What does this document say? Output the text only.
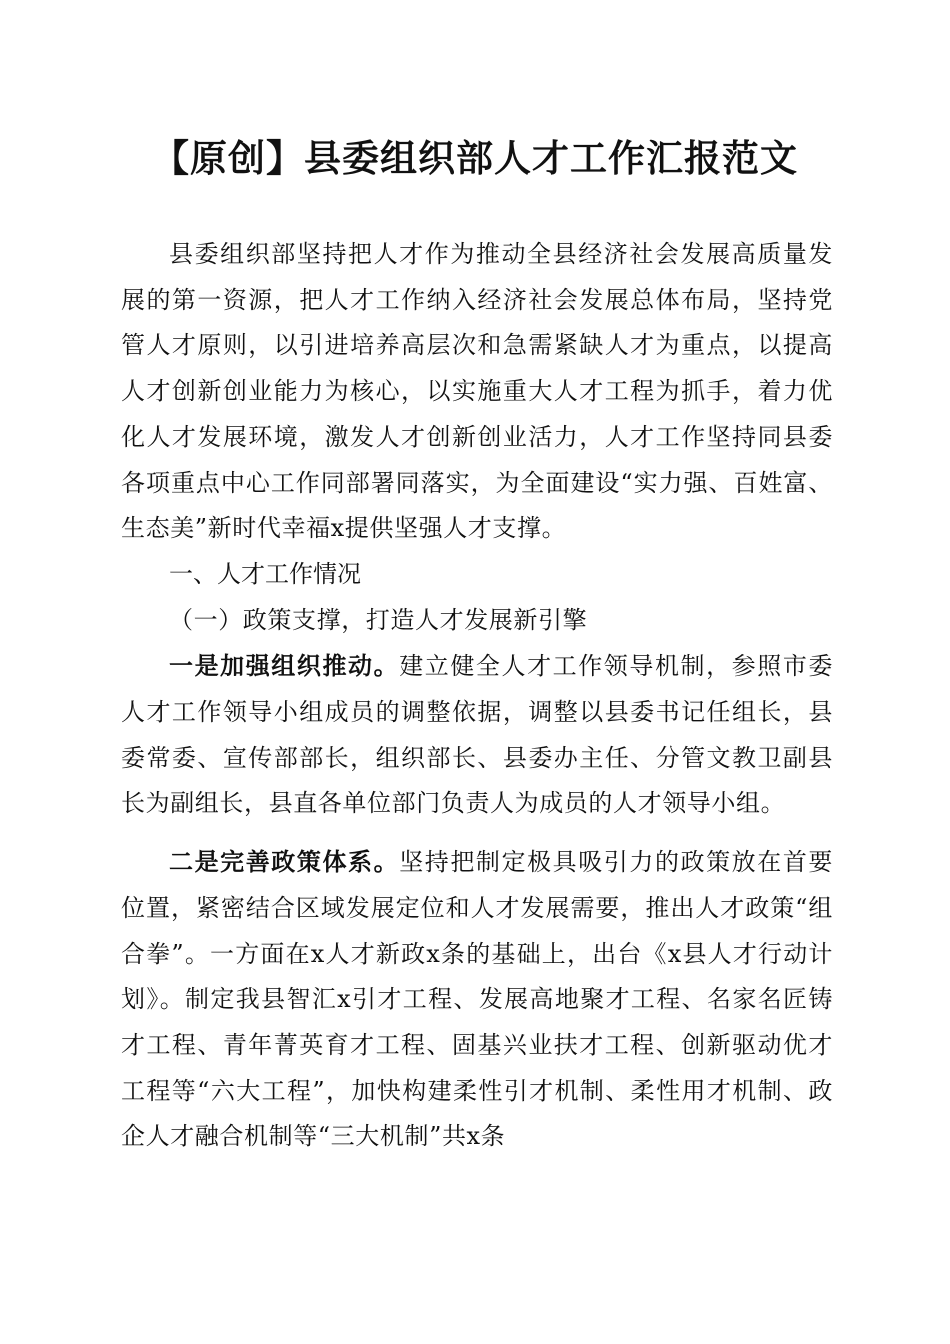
【原创】县委组织部人才工作汇报范文

县委组织部坚持把人才作为推动全县经济社会发展高质量发展的第一资源，把人才工作纳入经济社会发展总体布局，坚持党管人才原则，以引进培养高层次和急需紧缺人才为重点，以提高人才创新创业能力为核心，以实施重大人才工程为抓手，着力优化人才发展环境，激发人才创新创业活力，人才工作坚持同县委各项重点中心工作同部署同落实，为全面建设“实力强、百姓富、生态美”新时代幸福x提供坚强人才支撑。

一、人才工作情况

（一）政策支撑，打造人才发展新引擎

一是加强组织推动。建立健全人才工作领导机制，参照市委人才工作领导小组成员的调整依据，调整以县委书记任组长，县委常委、宣传部部长，组织部长、县委办主任、分管文教卫副县长为副组长，县直各单位部门负责人为成员的人才领导小组。

二是完善政策体系。坚持把制定极具吸引力的政策放在首要位置，紧密结合区域发展定位和人才发展需要，推出人才政策“组合拳”。一方面在x人才新政x条的基础上，出台《x县人才行动计划》。制定我县智汇x引才工程、发展高地聚才工程、名家名匠铸才工程、青年菁英育才工程、固基兴业扶才工程、创新驱动优才工程等“六大工程”，加快构建柔性引才机制、柔性用才机制、政企人才融合机制等“三大机制”共x条
